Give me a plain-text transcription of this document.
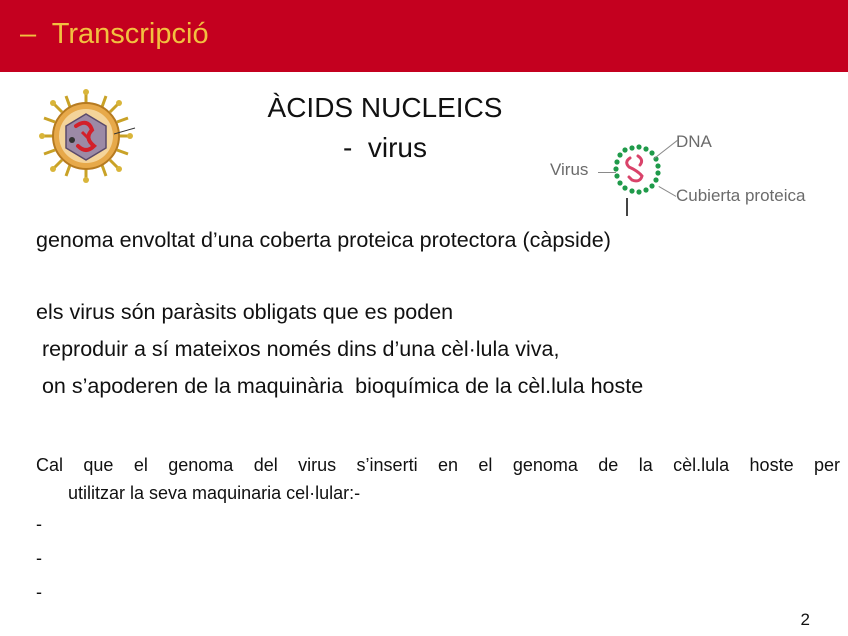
–  Transcripció
ÀCIDS NUCLEICS
-  virus
Virus
DNA
Cubierta proteica
genoma envoltat d’una coberta proteica protectora (càpside)
els virus són paràsits obligats que es poden
reproduir a sí mateixos només dins d’una cèl·lula viva,
on s’apoderen de la maquinària  bioquímica de la cèl.lula hoste
Cal que el genoma del virus s’inserti en el genoma de la cèl.lula hoste per
utilitzar la seva maquinaria cel·lular:-
-
-
-
2
